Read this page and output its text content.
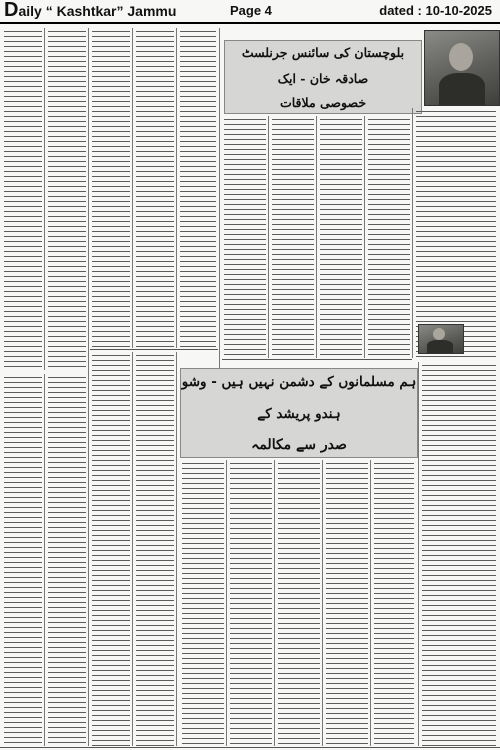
Daily “ Kashtkar” Jammu	Page 4	dated : 10-10-2025
بلوچستان کی سائنس جرنلسٹ صادقہ خان - ایک
خصوصی ملاقات
ہم مسلمانوں کے دشمن نہیں ہیں - وشو ہندو پریشد کے
صدر سے مکالمہ
